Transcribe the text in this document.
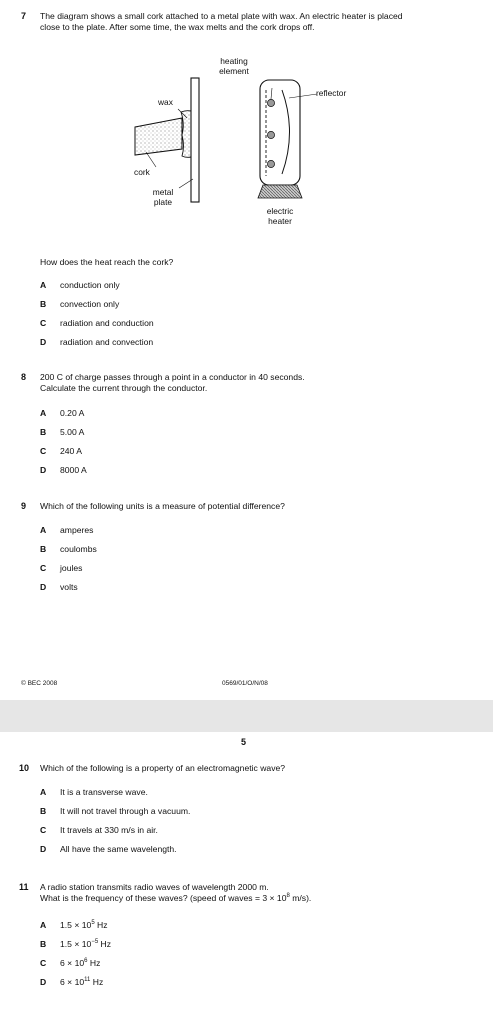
7 The diagram shows a small cork attached to a metal plate with wax. An electric heater is placed
close to the plate. After some time, the wax melts and the cork drops off.
heating
element
reflector
wax
cork
metal
plate
electric
heater
How does the heat reach the cork?
A	conduction only
B	convection only
C	radiation and conduction
D	radiation and convection
8 200 C of charge passes through a point in a conductor in 40 seconds.
Calculate the current through the conductor.
A	0.20 A
B	5.00 A
C	240 A
D	8000 A
9 Which of the following units is a measure of potential difference?
A	amperes
B	coulombs
C	joules
D	volts
© BEC 2008	0569/01/O/N/08
5
10 Which of the following is a property of an electromagnetic wave?
A	It is a transverse wave.
B	It will not travel through a vacuum.
C	It travels at 330 m/s in air.
D	All have the same wavelength.
11 A radio station transmits radio waves of wavelength 2000 m.
What is the frequency of these waves? (speed of waves = $3 \times 10^8$ m/s).
A	$1.5 \times 10^5$ Hz
B	$1.5 \times 10^{-5}$ Hz
C	$6 \times 10^6$ Hz
D	$6 \times 10^{11}$ Hz
